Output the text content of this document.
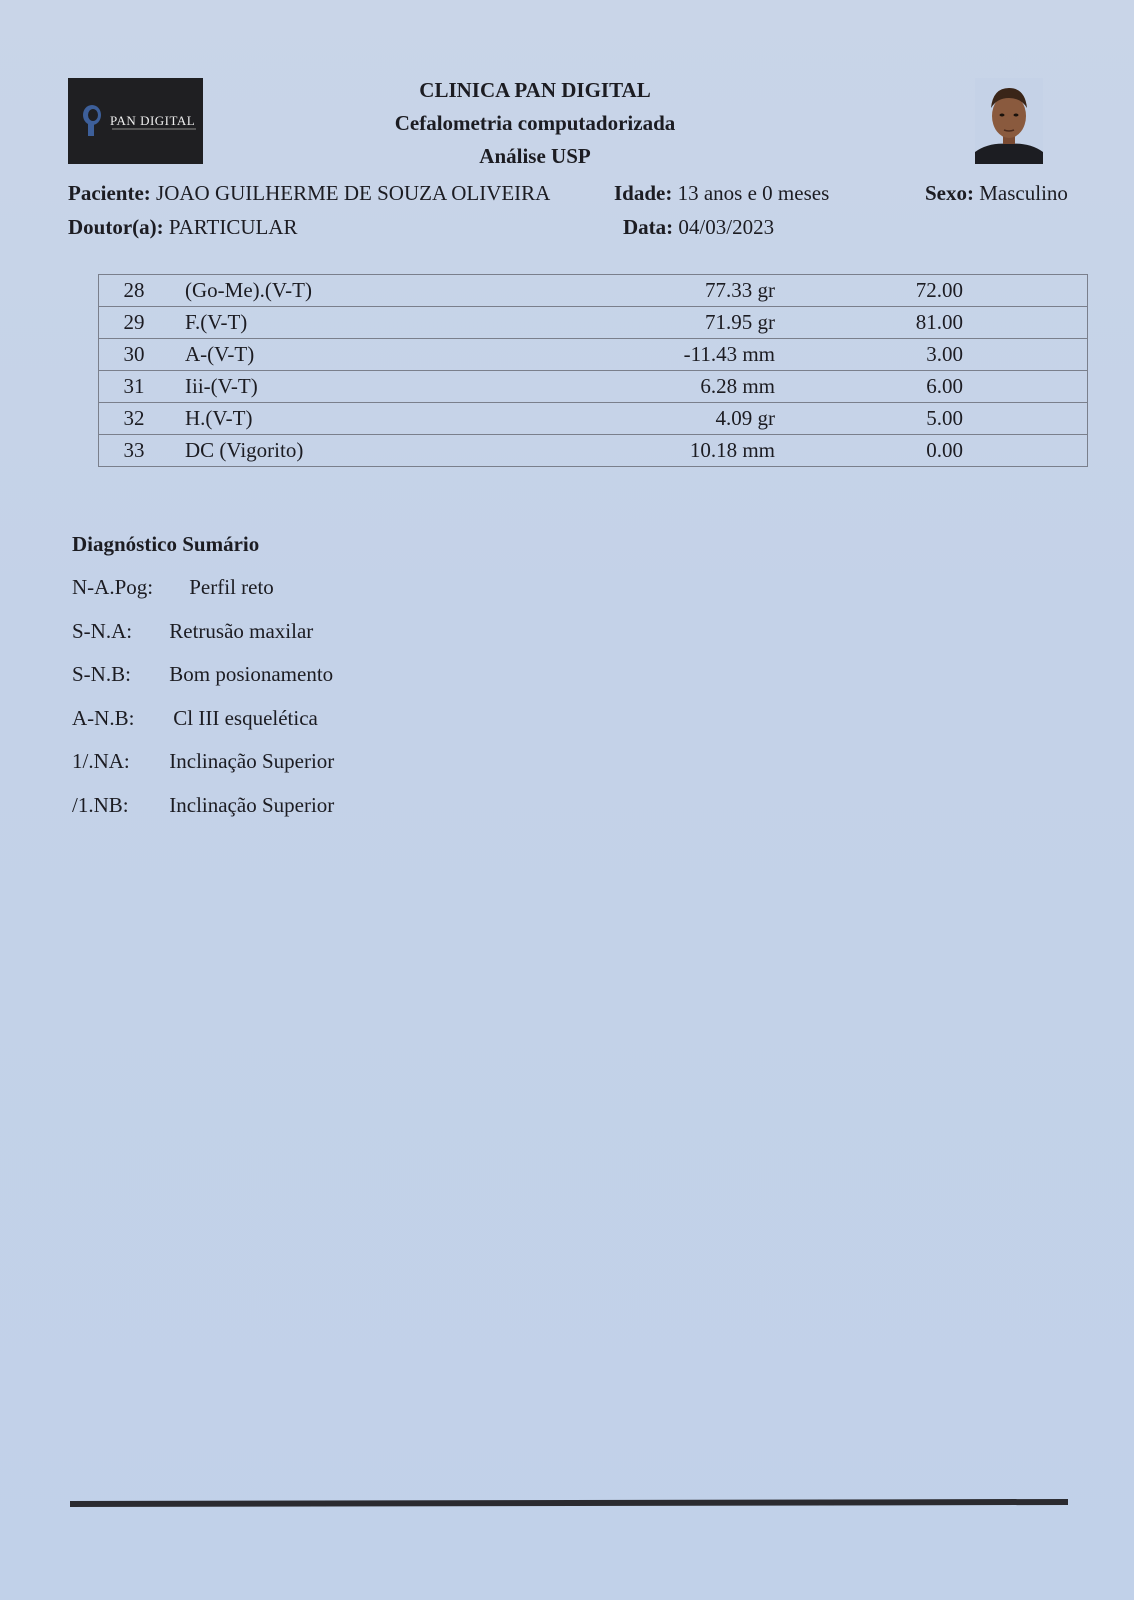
PAN DIGITAL
CLINICA PAN DIGITAL
Cefalometria computadorizada
Análise USP
Paciente: JOAO GUILHERME DE SOUZA OLIVEIRA	Idade: 13 anos e 0 meses	Sexo: Masculino
Doutor(a): PARTICULAR	Data: 04/03/2023
28	(Go-Me).(V-T)	77.33 gr	72.00	
29	F.(V-T)	71.95 gr	81.00	
30	A-(V-T)	-11.43 mm	3.00	
31	Iii-(V-T)	6.28 mm	6.00	
32	H.(V-T)	4.09 gr	5.00	
33	DC (Vigorito)	10.18 mm	0.00	
Diagnóstico Sumário
N-A.Pog: Perfil reto
S-N.A: Retrusão maxilar
S-N.B: Bom posionamento
A-N.B: Cl III esquelética
1/.NA: Inclinação Superior
/1.NB: Inclinação Superior
